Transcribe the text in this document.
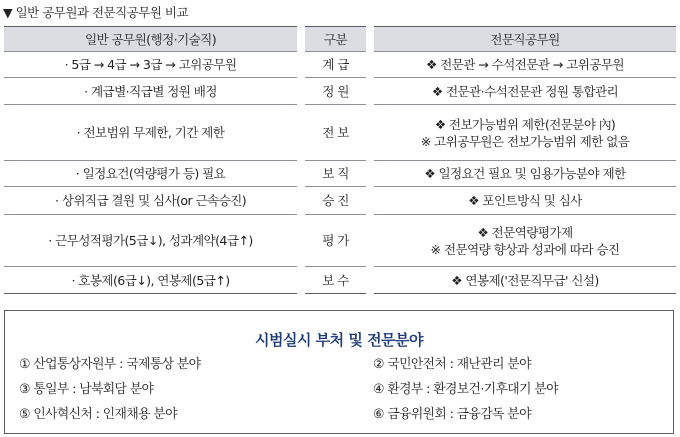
▼ 일반 공무원과 전문직공무원 비교
일반 공무원(행정·기술직)	구분	전문직공무원
· 5급 → 4급 → 3급 → 고위공무원	계 급	❖ 전문관 → 수석전문관 → 고위공무원
· 계급별·직급별 정원 배정	정 원	❖ 전문관·수석전문관 정원 통합관리
· 전보범위 무제한, 기간 제한	전 보
❖ 전보가능범위 제한(전문분야 內)
※ 고위공무원은 전보가능범위 제한 없음
· 일정요건(역량평가 등) 필요	보 직	❖ 일정요건 필요 및 임용가능분야 제한
· 상위직급 결원 및 심사(or 근속승진)	승 진	❖ 포인트방식 및 심사
· 근무성적평가(5급↓), 성과계약(4급↑)	평 가
❖ 전문역량평가제
※ 전문역량 향상과 성과에 따라 승진
· 호봉제(6급↓), 연봉제(5급↑)	보 수	❖ 연봉제('전문직무급' 신설)
시범실시 부처 및 전문분야
① 산업통상자원부 : 국제통상 분야	② 국민안전처 : 재난관리 분야
③ 통일부 : 남북회담 분야	④ 환경부 : 환경보건·기후대기 분야
⑤ 인사혁신처 : 인재채용 분야	⑥ 금융위원회 : 금융감독 분야
